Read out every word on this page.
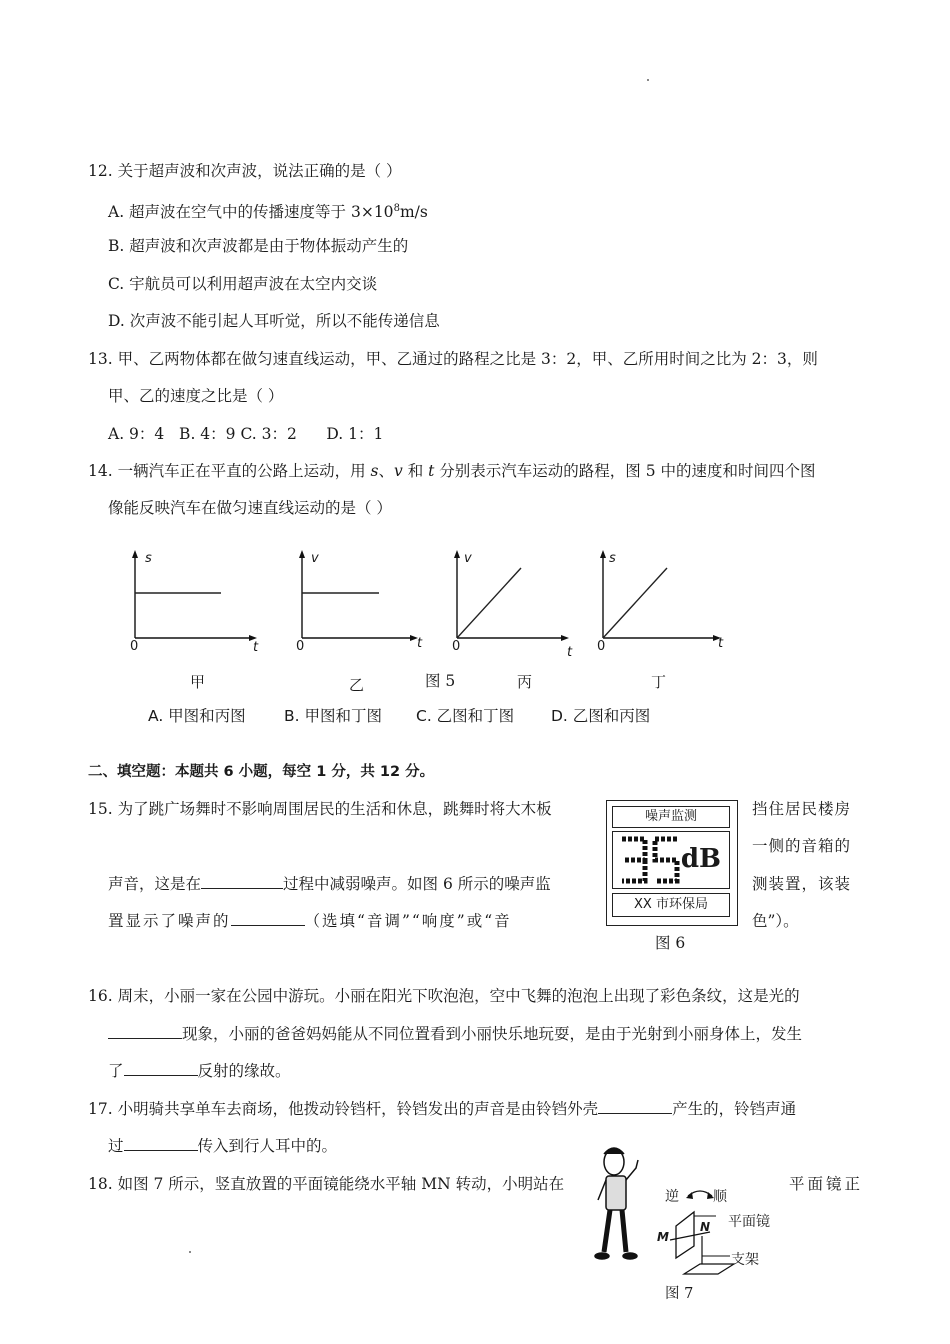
12. 关于超声波和次声波，说法正确的是（ ）
A. 超声波在空气中的传播速度等于 $3\times 10^8m/s$
B. 超声波和次声波都是由于物体振动产生的
C. 宇航员可以利用超声波在太空内交谈
D. 次声波不能引起人耳听觉，所以不能传递信息
13. 甲、乙两物体都在做匀速直线运动，甲、乙通过的路程之比是 3：2，甲、乙所用时间之比为 2：3，则
甲、乙的速度之比是（ ）
A. 9：4   B. 4：9 C. 3：2      D. 1：1
14. 一辆汽车正在平直的公路上运动，用 s、v 和 t 分别表示汽车运动的路程，图 5 中的速度和时间四个图
像能反映汽车在做匀速直线运动的是（ ）
s
0	t
甲
v
0	t
乙
v
0	t
丙
s
0	t
丁
图 5
A. 甲图和丙图 B. 甲图和丁图 C. 乙图和丁图 D. 乙图和丙图
二、填空题：本题共 6 小题，每空 1 分，共 12 分。
15. 为了跳广场舞时不影响周围居民的生活和休息，跳舞时将大木板	挡住居民楼房
一侧的音箱的
声音，这是在	过程中减弱噪声。如图 6 所示的噪声监	测装置，该装
置显示了噪声的	（选填“音调”“响度”或“音	色”）。
噪声监测
dB
XX 市环保局
图 6
16. 周末，小丽一家在公园中游玩。小丽在阳光下吹泡泡，空中飞舞的泡泡上出现了彩色条纹，这是光的
现象，小丽的爸爸妈妈能从不同位置看到小丽快乐地玩耍，是由于光射到小丽身体上，发生
了	反射的缘故。
17. 小明骑共享单车去商场，他拨动铃铛杆，铃铛发出的声音是由铃铛外壳	产生的，铃铛声通
过	传入到行人耳中的。
18. 如图 7 所示，竖直放置的平面镜能绕水平轴 MN 转动，小明站在	平面镜正
逆 顺
平面镜
N
M
支架
图 7
